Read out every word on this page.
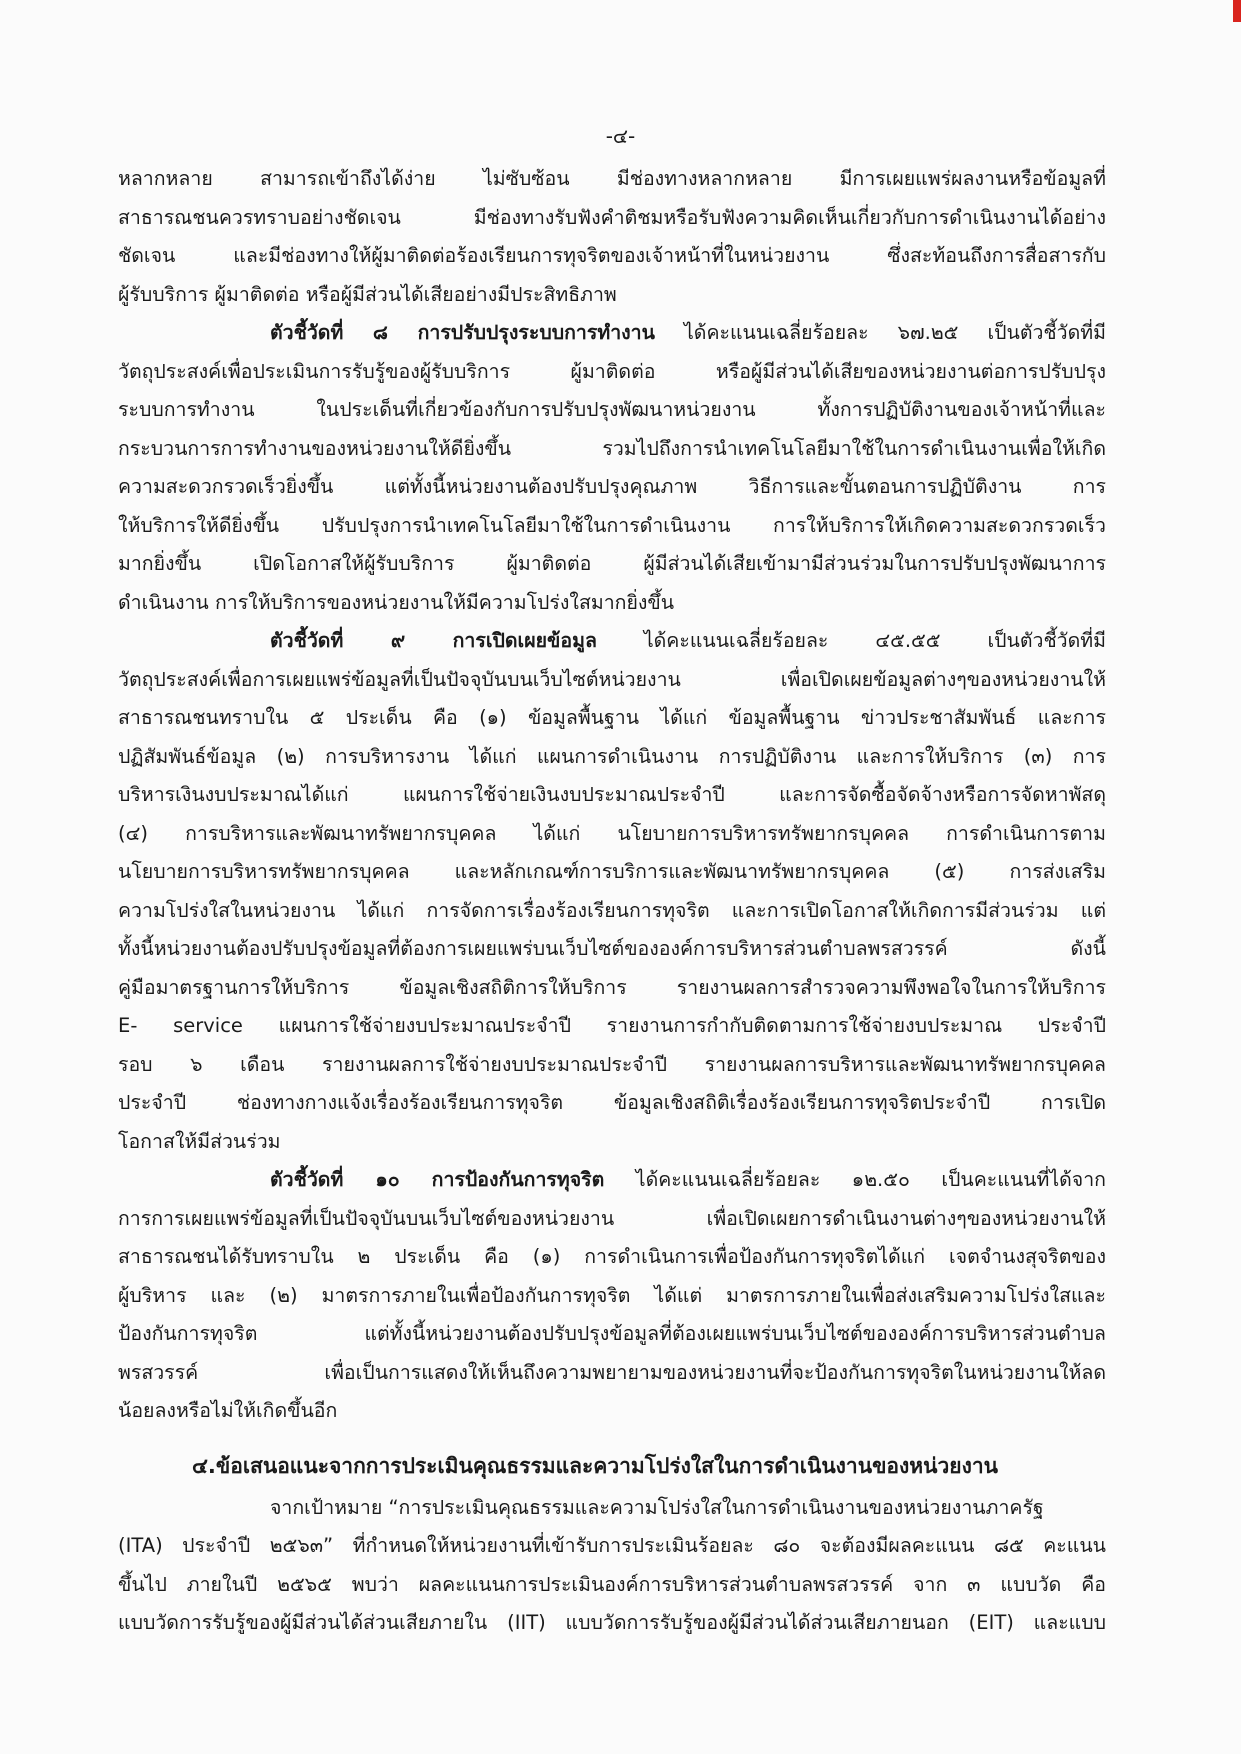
-๔-
หลากหลาย สามารถเข้าถึงได้ง่าย ไม่ซับซ้อน มีช่องทางหลากหลาย มีการเผยแพร่ผลงานหรือข้อมูลที่
สาธารณชนควรทราบอย่างชัดเจน มีช่องทางรับฟังคำติชมหรือรับฟังความคิดเห็นเกี่ยวกับการดำเนินงานได้อย่าง
ชัดเจน และมีช่องทางให้ผู้มาติดต่อร้องเรียนการทุจริตของเจ้าหน้าที่ในหน่วยงาน ซึ่งสะท้อนถึงการสื่อสารกับ
ผู้รับบริการ ผู้มาติดต่อ หรือผู้มีส่วนได้เสียอย่างมีประสิทธิภาพ
ตัวชี้วัดที่ ๘ การปรับปรุงระบบการทำงาน ได้คะแนนเฉลี่ยร้อยละ ๖๗.๒๕ เป็นตัวชี้วัดที่มี
วัตถุประสงค์เพื่อประเมินการรับรู้ของผู้รับบริการ ผู้มาติดต่อ หรือผู้มีส่วนได้เสียของหน่วยงานต่อการปรับปรุง
ระบบการทำงาน ในประเด็นที่เกี่ยวข้องกับการปรับปรุงพัฒนาหน่วยงาน ทั้งการปฏิบัติงานของเจ้าหน้าที่และ
กระบวนการการทำงานของหน่วยงานให้ดียิ่งขึ้น รวมไปถึงการนำเทคโนโลยีมาใช้ในการดำเนินงานเพื่อให้เกิด
ความสะดวกรวดเร็วยิ่งขึ้น แต่ทั้งนี้หน่วยงานต้องปรับปรุงคุณภาพ วิธีการและขั้นตอนการปฏิบัติงาน การ
ให้บริการให้ดียิ่งขึ้น ปรับปรุงการนำเทคโนโลยีมาใช้ในการดำเนินงาน การให้บริการให้เกิดความสะดวกรวดเร็ว
มากยิ่งขึ้น เปิดโอกาสให้ผู้รับบริการ ผู้มาติดต่อ ผู้มีส่วนได้เสียเข้ามามีส่วนร่วมในการปรับปรุงพัฒนาการ
ดำเนินงาน การให้บริการของหน่วยงานให้มีความโปร่งใสมากยิ่งขึ้น
ตัวชี้วัดที่ ๙ การเปิดเผยข้อมูล ได้คะแนนเฉลี่ยร้อยละ ๔๕.๕๕ เป็นตัวชี้วัดที่มี
วัตถุประสงค์เพื่อการเผยแพร่ข้อมูลที่เป็นปัจจุบันบนเว็บไซต์หน่วยงาน เพื่อเปิดเผยข้อมูลต่างๆของหน่วยงานให้
สาธารณชนทราบใน ๕ ประเด็น คือ (๑) ข้อมูลพื้นฐาน ได้แก่ ข้อมูลพื้นฐาน ข่าวประชาสัมพันธ์ และการ
ปฏิสัมพันธ์ข้อมูล (๒) การบริหารงาน ได้แก่ แผนการดำเนินงาน การปฏิบัติงาน และการให้บริการ (๓) การ
บริหารเงินงบประมาณได้แก่ แผนการใช้จ่ายเงินงบประมาณประจำปี และการจัดซื้อจัดจ้างหรือการจัดหาพัสดุ
(๔) การบริหารและพัฒนาทรัพยากรบุคคล ได้แก่ นโยบายการบริหารทรัพยากรบุคคล การดำเนินการตาม
นโยบายการบริหารทรัพยากรบุคคล และหลักเกณฑ์การบริการและพัฒนาทรัพยากรบุคคล (๕) การส่งเสริม
ความโปร่งใสในหน่วยงาน ได้แก่ การจัดการเรื่องร้องเรียนการทุจริต และการเปิดโอกาสให้เกิดการมีส่วนร่วม แต่
ทั้งนี้หน่วยงานต้องปรับปรุงข้อมูลที่ต้องการเผยแพร่บนเว็บไซต์ขององค์การบริหารส่วนตำบลพรสวรรค์ ดังนี้
คู่มือมาตรฐานการให้บริการ ข้อมูลเชิงสถิติการให้บริการ รายงานผลการสำรวจความพึงพอใจในการให้บริการ
E- service แผนการใช้จ่ายงบประมาณประจำปี รายงานการกำกับติดตามการใช้จ่ายงบประมาณ ประจำปี
รอบ ๖ เดือน รายงานผลการใช้จ่ายงบประมาณประจำปี รายงานผลการบริหารและพัฒนาทรัพยากรบุคคล
ประจำปี ช่องทางกางแจ้งเรื่องร้องเรียนการทุจริต ข้อมูลเชิงสถิติเรื่องร้องเรียนการทุจริตประจำปี การเปิด
โอกาสให้มีส่วนร่วม
ตัวชี้วัดที่ ๑๐ การป้องกันการทุจริต ได้คะแนนเฉลี่ยร้อยละ ๑๒.๕๐ เป็นคะแนนที่ได้จาก
การการเผยแพร่ข้อมูลที่เป็นปัจจุบันบนเว็บไซต์ของหน่วยงาน เพื่อเปิดเผยการดำเนินงานต่างๆของหน่วยงานให้
สาธารณชนได้รับทราบใน ๒ ประเด็น คือ (๑) การดำเนินการเพื่อป้องกันการทุจริตได้แก่ เจตจำนงสุจริตของ
ผู้บริหาร และ (๒) มาตรการภายในเพื่อป้องกันการทุจริต ได้แต่ มาตรการภายในเพื่อส่งเสริมความโปร่งใสและ
ป้องกันการทุจริต แต่ทั้งนี้หน่วยงานต้องปรับปรุงข้อมูลที่ต้องเผยแพร่บนเว็บไซต์ขององค์การบริหารส่วนตำบล
พรสวรรค์ เพื่อเป็นการแสดงให้เห็นถึงความพยายามของหน่วยงานที่จะป้องกันการทุจริตในหน่วยงานให้ลด
น้อยลงหรือไม่ให้เกิดขึ้นอีก
๔.ข้อเสนอแนะจากการประเมินคุณธรรมและความโปร่งใสในการดำเนินงานของหน่วยงาน
จากเป้าหมาย “การประเมินคุณธรรมและความโปร่งใสในการดำเนินงานของหน่วยงานภาครัฐ
(ITA) ประจำปี ๒๕๖๓” ที่กำหนดให้หน่วยงานที่เข้ารับการประเมินร้อยละ ๘๐ จะต้องมีผลคะแนน ๘๕ คะแนน
ขึ้นไป ภายในปี ๒๕๖๕ พบว่า ผลคะแนนการประเมินองค์การบริหารส่วนตำบลพรสวรรค์ จาก ๓ แบบวัด คือ
แบบวัดการรับรู้ของผู้มีส่วนได้ส่วนเสียภายใน (IIT) แบบวัดการรับรู้ของผู้มีส่วนได้ส่วนเสียภายนอก (EIT) และแบบ
